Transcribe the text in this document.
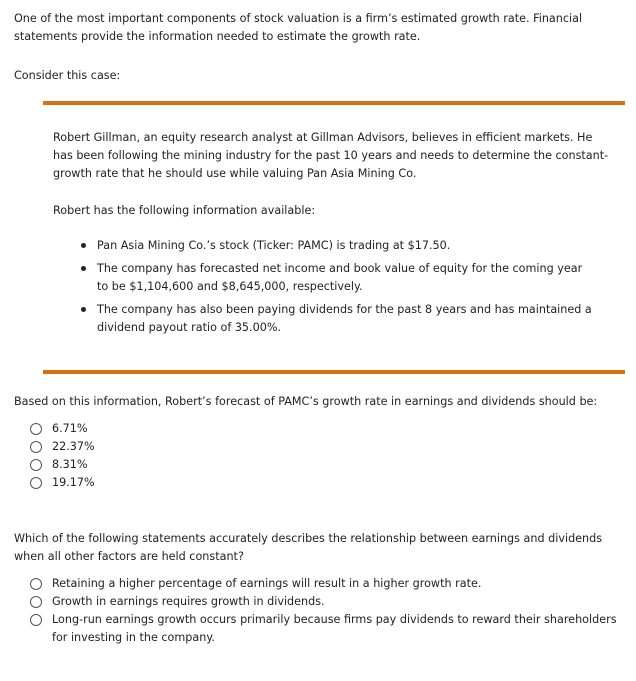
One of the most important components of stock valuation is a firm’s estimated growth rate. Financial statements provide the information needed to estimate the growth rate.

Consider this case:

Robert Gillman, an equity research analyst at Gillman Advisors, believes in efficient markets. He has been following the mining industry for the past 10 years and needs to determine the constant-growth rate that he should use while valuing Pan Asia Mining Co.

Robert has the following information available:

Pan Asia Mining Co.’s stock (Ticker: PAMC) is trading at $17.50.
The company has forecasted net income and book value of equity for the coming year to be $1,104,600 and $8,645,000, respectively.
The company has also been paying dividends for the past 8 years and has maintained a dividend payout ratio of 35.00%.

Based on this information, Robert’s forecast of PAMC’s growth rate in earnings and dividends should be:

6.71%
22.37%
8.31%
19.17%

Which of the following statements accurately describes the relationship between earnings and dividends when all other factors are held constant?

Retaining a higher percentage of earnings will result in a higher growth rate.
Growth in earnings requires growth in dividends.
Long-run earnings growth occurs primarily because firms pay dividends to reward their shareholders for investing in the company.
